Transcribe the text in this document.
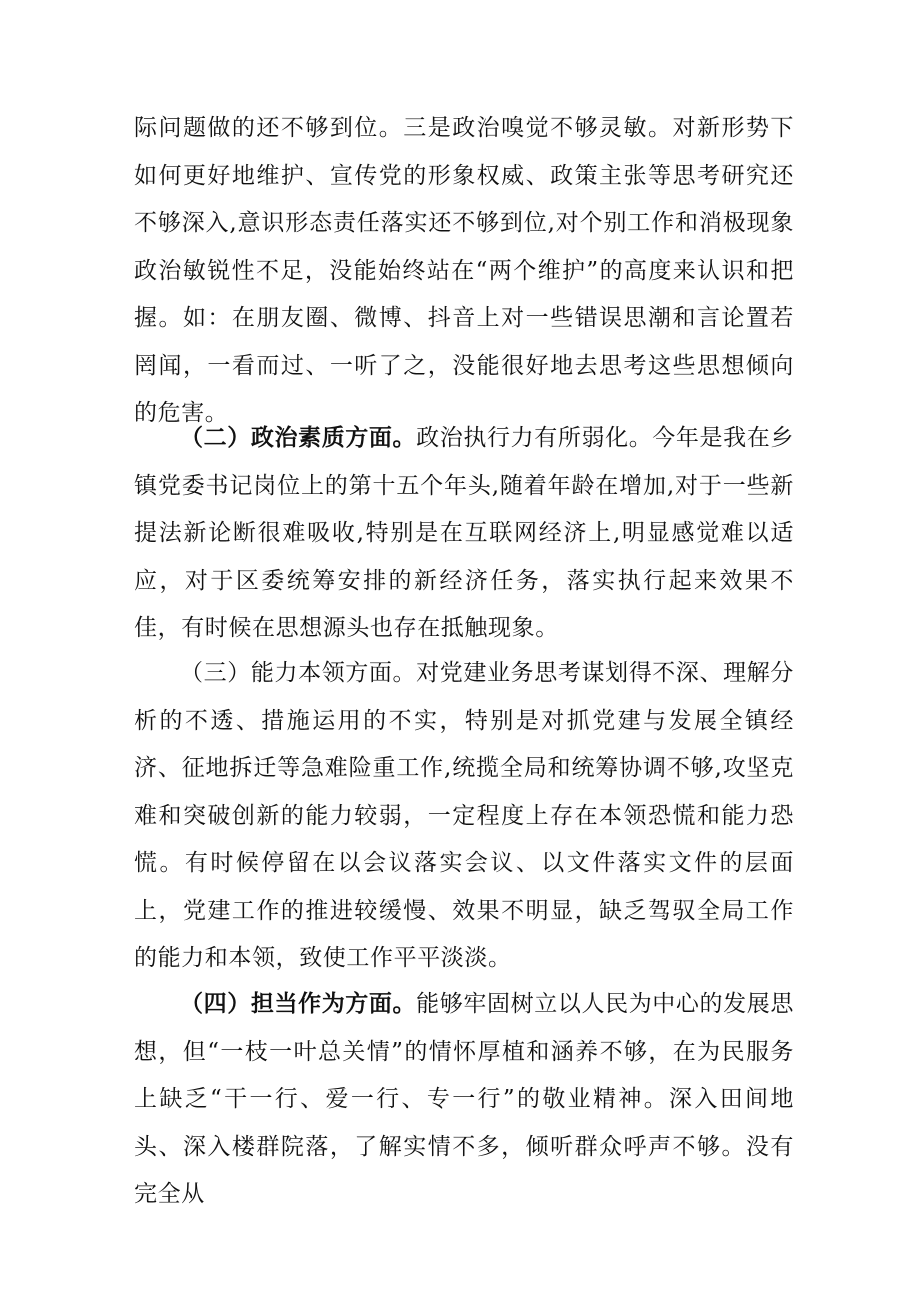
际问题做的还不够到位。三是政治嗅觉不够灵敏。对新形势下如何更好地维护、宣传党的形象权威、政策主张等思考研究还不够深入,意识形态责任落实还不够到位,对个别工作和消极现象政治敏锐性不足，没能始终站在“两个维护”的高度来认识和把握。如：在朋友圈、微博、抖音上对一些错误思潮和言论置若罔闻，一看而过、一听了之，没能很好地去思考这些思想倾向的危害。

（二）政治素质方面。政治执行力有所弱化。今年是我在乡镇党委书记岗位上的第十五个年头,随着年龄在增加,对于一些新提法新论断很难吸收,特别是在互联网经济上,明显感觉难以适应，对于区委统筹安排的新经济任务，落实执行起来效果不佳，有时候在思想源头也存在抵触现象。

（三）能力本领方面。对党建业务思考谋划得不深、理解分析的不透、措施运用的不实，特别是对抓党建与发展全镇经济、征地拆迁等急难险重工作,统揽全局和统筹协调不够,攻坚克难和突破创新的能力较弱，一定程度上存在本领恐慌和能力恐慌。有时候停留在以会议落实会议、以文件落实文件的层面上，党建工作的推进较缓慢、效果不明显，缺乏驾驭全局工作的能力和本领，致使工作平平淡淡。

（四）担当作为方面。能够牢固树立以人民为中心的发展思想，但“一枝一叶总关情”的情怀厚植和涵养不够，在为民服务上缺乏“干一行、爱一行、专一行”的敬业精神。深入田间地头、深入楼群院落，了解实情不多，倾听群众呼声不够。没有完全从
